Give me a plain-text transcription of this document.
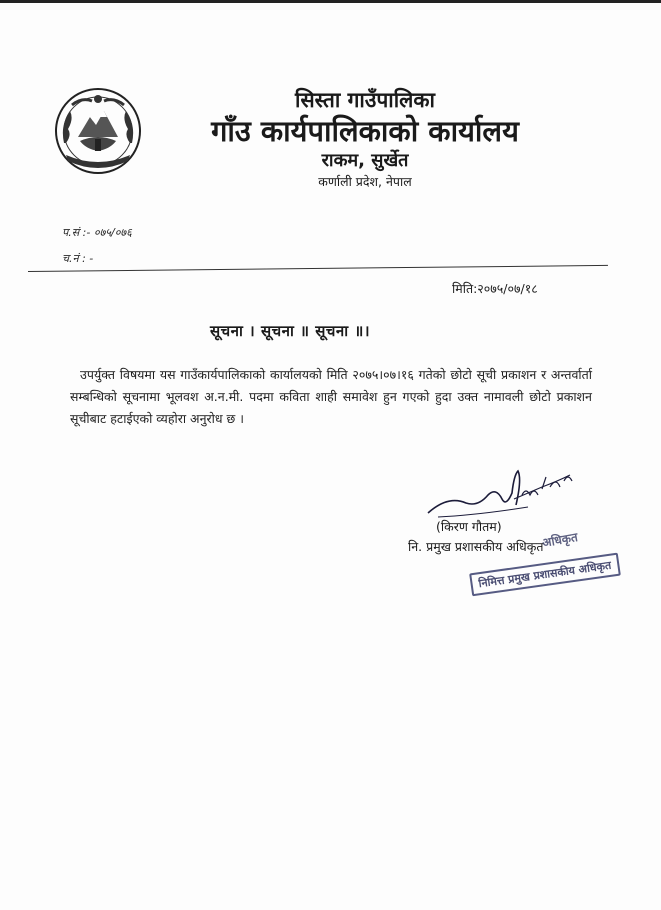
सिस्ता गाउँपालिका
गाँउ कार्यपालिकाको कार्यालय
राकम, सुर्खेत
कर्णाली प्रदेश, नेपाल
प.सं :- ०७५/०७६
च.नं : -
मिति:२०७५/०७/१८
सूचना । सूचना ॥ सूचना ॥।
उपर्युक्त विषयमा यस गाउँकार्यपालिकाको कार्यालयको मिति २०७५।०७।१६ गतेको छोटो सूची प्रकाशन र अन्तर्वार्ता सम्बन्धिको सूचनामा भूलवश अ.न.मी. पदमा कविता शाही समावेश हुन गएको हुदा उक्त नामावली छोटो प्रकाशन सूचीबाट हटाईएको व्यहोरा अनुरोध छ ।
(किरण गौतम)
नि. प्रमुख प्रशासकीय अधिकृत
अधिकृत
निमित्त प्रमुख प्रशासकीय अधिकृत
